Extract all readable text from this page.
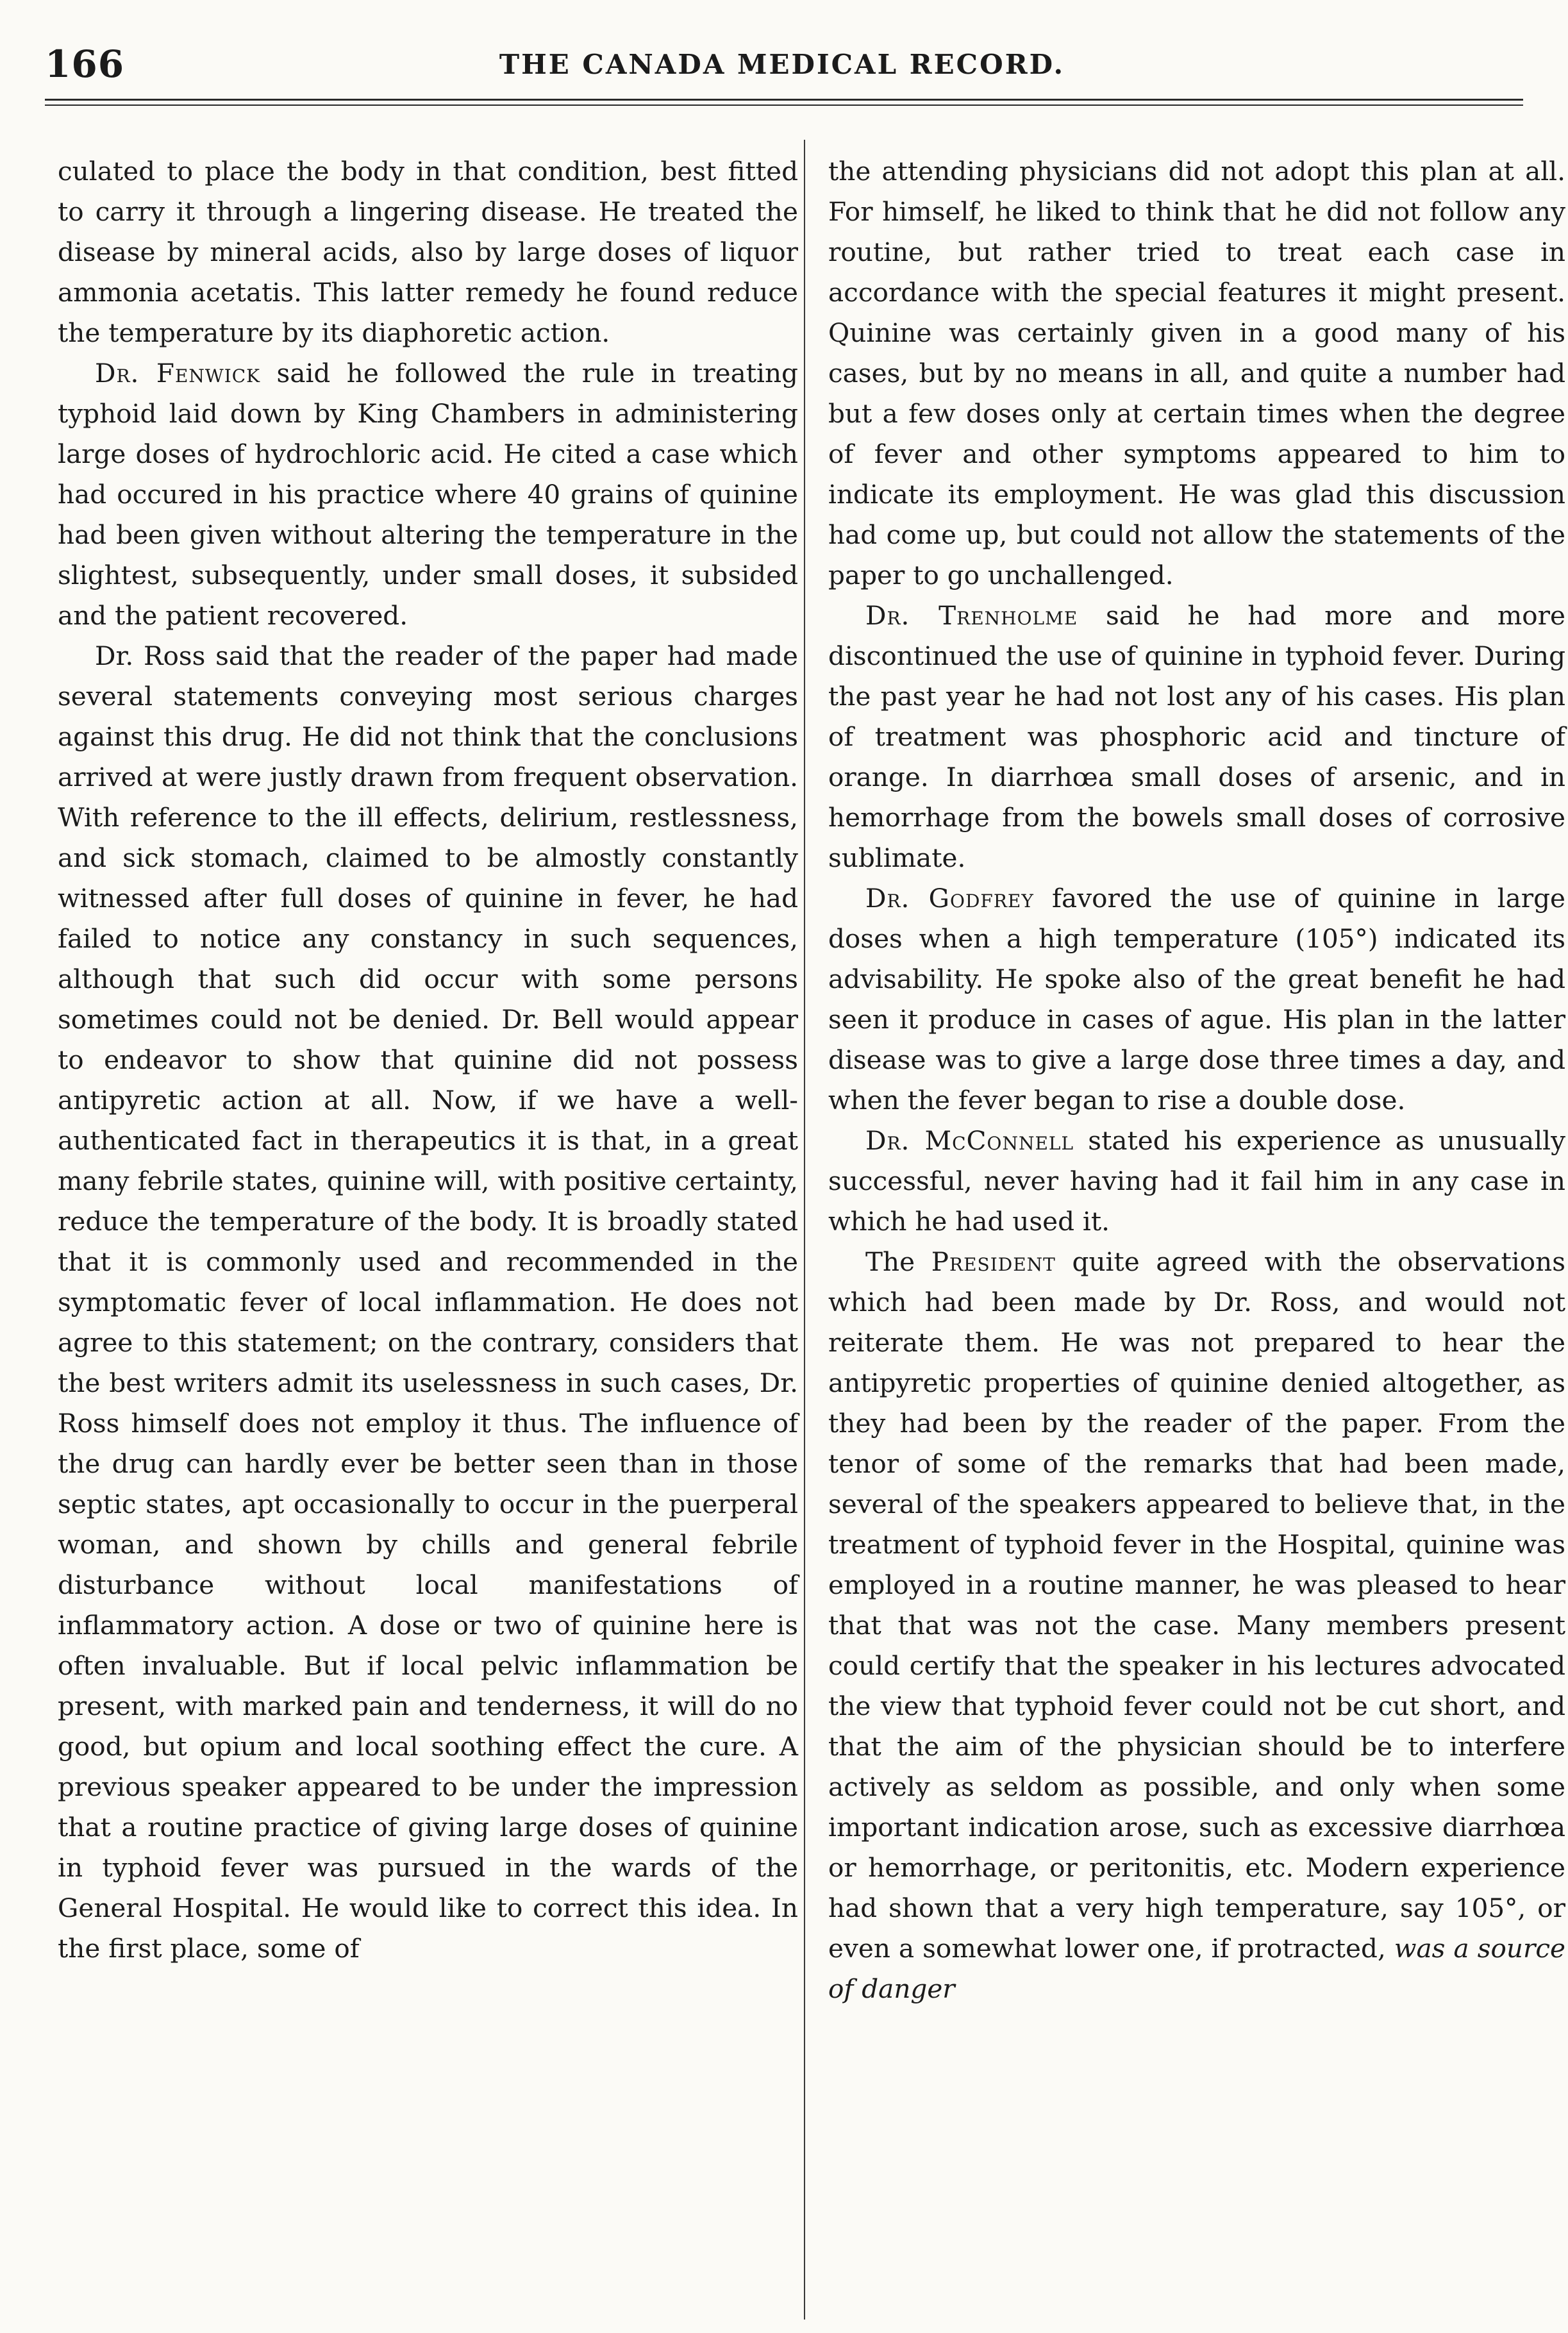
166	THE CANADA MEDICAL RECORD.

culated to place the body in that condition, best fitted to carry it through a lingering disease. He treated the disease by mineral acids, also by large doses of liquor ammonia acetatis. This latter remedy he found reduce the temperature by its diaphoretic action.

Dr. Fenwick said he followed the rule in treating typhoid laid down by King Chambers in administering large doses of hydrochloric acid. He cited a case which had occured in his practice where 40 grains of quinine had been given without altering the temperature in the slightest, subsequently, under small doses, it subsided and the patient recovered.

Dr. Ross said that the reader of the paper had made several statements conveying most serious charges against this drug. He did not think that the conclusions arrived at were justly drawn from frequent observation. With reference to the ill effects, delirium, restlessness, and sick stomach, claimed to be almostly constantly witnessed after full doses of quinine in fever, he had failed to notice any constancy in such sequences, although that such did occur with some persons sometimes could not be denied. Dr. Bell would appear to endeavor to show that quinine did not possess antipyretic action at all. Now, if we have a well-authenticated fact in therapeutics it is that, in a great many febrile states, quinine will, with positive certainty, reduce the temperature of the body. It is broadly stated that it is commonly used and recommended in the symptomatic fever of local inflammation. He does not agree to this statement; on the contrary, considers that the best writers admit its uselessness in such cases, Dr. Ross himself does not employ it thus. The influence of the drug can hardly ever be better seen than in those septic states, apt occasionally to occur in the puerperal woman, and shown by chills and general febrile disturbance without local manifestations of inflammatory action. A dose or two of quinine here is often invaluable. But if local pelvic inflammation be present, with marked pain and tenderness, it will do no good, but opium and local soothing effect the cure. A previous speaker appeared to be under the impression that a routine practice of giving large doses of quinine in typhoid fever was pursued in the wards of the General Hospital. He would like to correct this idea. In the first place, some of

the attending physicians did not adopt this plan at all. For himself, he liked to think that he did not follow any routine, but rather tried to treat each case in accordance with the special features it might present. Quinine was certainly given in a good many of his cases, but by no means in all, and quite a number had but a few doses only at certain times when the degree of fever and other symptoms appeared to him to indicate its employment. He was glad this discussion had come up, but could not allow the statements of the paper to go unchallenged.

Dr. Trenholme said he had more and more discontinued the use of quinine in typhoid fever. During the past year he had not lost any of his cases. His plan of treatment was phosphoric acid and tincture of orange. In diarrhœa small doses of arsenic, and in hemorrhage from the bowels small doses of corrosive sublimate.

Dr. Godfrey favored the use of quinine in large doses when a high temperature (105°) indicated its advisability. He spoke also of the great benefit he had seen it produce in cases of ague. His plan in the latter disease was to give a large dose three times a day, and when the fever began to rise a double dose.

Dr. McConnell stated his experience as unusually successful, never having had it fail him in any case in which he had used it.

The President quite agreed with the observations which had been made by Dr. Ross, and would not reiterate them. He was not prepared to hear the antipyretic properties of quinine denied altogether, as they had been by the reader of the paper. From the tenor of some of the remarks that had been made, several of the speakers appeared to believe that, in the treatment of typhoid fever in the Hospital, quinine was employed in a routine manner, he was pleased to hear that that was not the case. Many members present could certify that the speaker in his lectures advocated the view that typhoid fever could not be cut short, and that the aim of the physician should be to interfere actively as seldom as possible, and only when some important indication arose, such as excessive diarrhœa or hemorrhage, or peritonitis, etc. Modern experience had shown that a very high temperature, say 105°, or even a somewhat lower one, if protracted, was a source of danger
